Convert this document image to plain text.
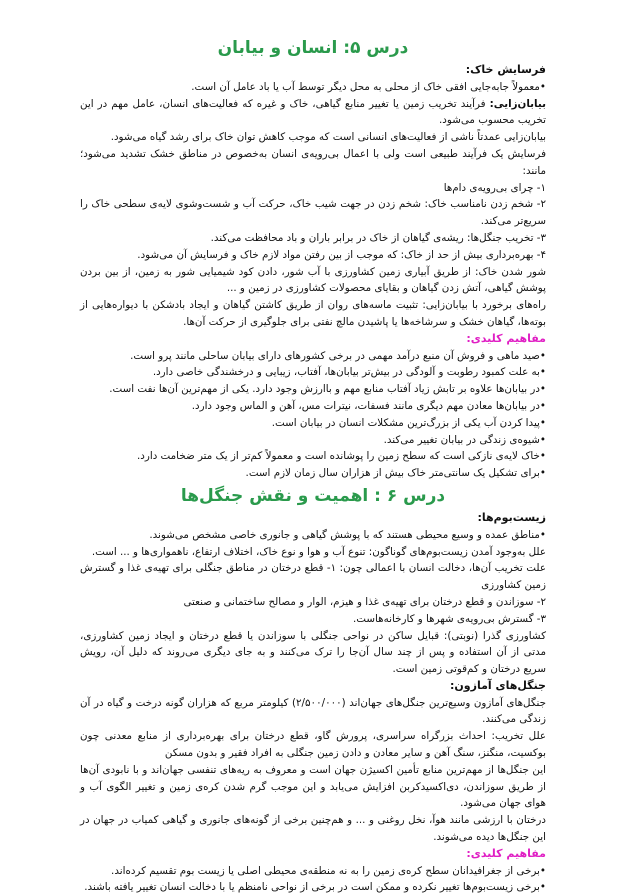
درس ۵: انسان و بیابان

فرسایش خاک:

• معمولاً جابه‌جایی افقی خاک از محلی به محل دیگر توسط آب یا باد عامل آن است.

بیابان‌زایی: فرآیند تخریب زمین یا تغییر منابع گیاهی، خاک و غیره که فعالیت‌های انسان، عامل مهم در این تخریب محسوب می‌شود.

بیابان‌زایی عمدتاً ناشی از فعالیت‌های انسانی است که موجب کاهش توان خاک برای رشد گیاه می‌شود.

فرسایش یک فرآیند طبیعی است ولی با اعمال بی‌رویه‌ی انسان به‌خصوص در مناطق خشک تشدید می‌شود؛ مانند:

۱- چرای بی‌رویه‌ی دام‌ها

۲- شخم زدن نامناسب خاک: شخم زدن در جهت شیب خاک، حرکت آب و شست‌وشوی لایه‌ی سطحی خاک را سریع‌تر می‌کند.

۳- تخریب جنگل‌ها: ریشه‌ی گیاهان از خاک در برابر باران و باد محافظت می‌کند.

۴- بهره‌برداری بیش از حد از خاک: که موجب از بین رفتن مواد لازم خاک و فرسایش آن می‌شود.

شور شدن خاک: از طریق آبیاری زمین کشاورزی با آب شور، دادن کود شیمیایی شور به زمین، از بین بردن پوشش گیاهی، آتش زدن گیاهان و بقایای محصولات کشاورزی در زمین و ...

راه‌های برخورد با بیابان‌زایی: تثبیت ماسه‌های روان از طریق کاشتن گیاهان و ایجاد بادشکن با دیواره‌هایی از بوته‌ها، گیاهان خشک و سرشاخه‌ها یا پاشیدن مالچ نفتی برای جلوگیری از حرکت آن‌ها.

مفاهیم کلیدی:

• صید ماهی و فروش آن منبع درآمد مهمی در برخی کشورهای دارای بیابان ساحلی مانند پرو است.

• به علت کمبود رطوبت و آلودگی در بیش‌تر بیابان‌ها، آفتاب، زیبایی و درخشندگی خاصی دارد.

• در بیابان‌ها علاوه بر تابش زیاد آفتاب منابع مهم و باارزش وجود دارد. یکی از مهم‌ترین آن‌ها نفت است.

• در بیابان‌ها معادن مهم دیگری مانند فسفات، نیترات مس، آهن و الماس وجود دارد.

• پیدا کردن آب یکی از بزرگ‌ترین مشکلات انسان در بیابان است.

• شیوه‌ی زندگی در بیابان تغییر می‌کند.

• خاک لایه‌ی نازکی است که سطح زمین را پوشانده است و معمولاً کم‌تر از یک متر ضخامت دارد.

• برای تشکیل یک سانتی‌متر خاک بیش از هزاران سال زمان لازم است.

درس ۶ : اهمیت و نقش جنگل‌ها

زیست‌بوم‌ها:

• مناطق عمده و وسیع محیطی هستند که با پوشش گیاهی و جانوری خاصی مشخص می‌شوند.

علل به‌وجود آمدن زیست‌بوم‌های گوناگون: تنوع آب و هوا و نوع خاک، اختلاف ارتفاع، ناهمواری‌ها و ... است.

علت تخریب آن‌ها، دخالت انسان با اعمالی چون: ۱- قطع درختان در مناطق جنگلی برای تهیه‌ی غذا و گسترش زمین کشاورزی

۲- سوزاندن و قطع درختان برای تهیه‌ی غذا و هیزم، الوار و مصالح ساختمانی و صنعتی

۳- گسترش بی‌رویه‌ی شهرها و کارخانه‌هاست.

کشاورزی گذرا (نوبتی): قبایل ساکن در نواحی جنگلی با سوزاندن یا قطع درختان و ایجاد زمین کشاورزی، مدتی از آن استفاده و پس از چند سال آن‌جا را ترک می‌کنند و به جای دیگری می‌روند که دلیل آن، رویش سریع درختان و کم‌قوتی زمین است.

جنگل‌های آمازون:

جنگل‌های آمازون وسیع‌ترین جنگل‌های جهان‌اند (۲/۵۰۰/۰۰۰) کیلومتر مربع که هزاران گونه درخت و گیاه در آن زندگی می‌کنند.

علل تخریب: احداث بزرگراه سراسری، پرورش گاو، قطع درختان برای بهره‌برداری از منابع معدنی چون بوکسیت، منگنز، سنگ آهن و سایر معادن و دادن زمین جنگلی به افراد فقیر و بدون مسکن

این جنگل‌ها از مهم‌ترین منابع تأمین اکسیژن جهان است و معروف به ریه‌های تنفسی جهان‌اند و با نابودی آن‌ها از طریق سوزاندن، دی‌اکسیدکربن افزایش می‌یابد و این موجب گرم شدن کره‌ی زمین و تغییر الگوی آب و هوای جهان می‌شود.

درختان با ارزشی مانند هوآ، نخل روغنی و ... و هم‌چنین برخی از گونه‌های جانوری و گیاهی کمیاب در جهان در این جنگل‌ها دیده می‌شوند.

مفاهیم کلیدی:

• برخی از جغرافیدانان سطح کره‌ی زمین را به نه منطقه‌ی محیطی اصلی یا زیست بوم تقسیم کرده‌اند.

• برخی زیست‌بوم‌ها تغییر نکرده و ممکن است در برخی از نواحی نامنظم یا با دخالت انسان تغییر یافته باشند.
